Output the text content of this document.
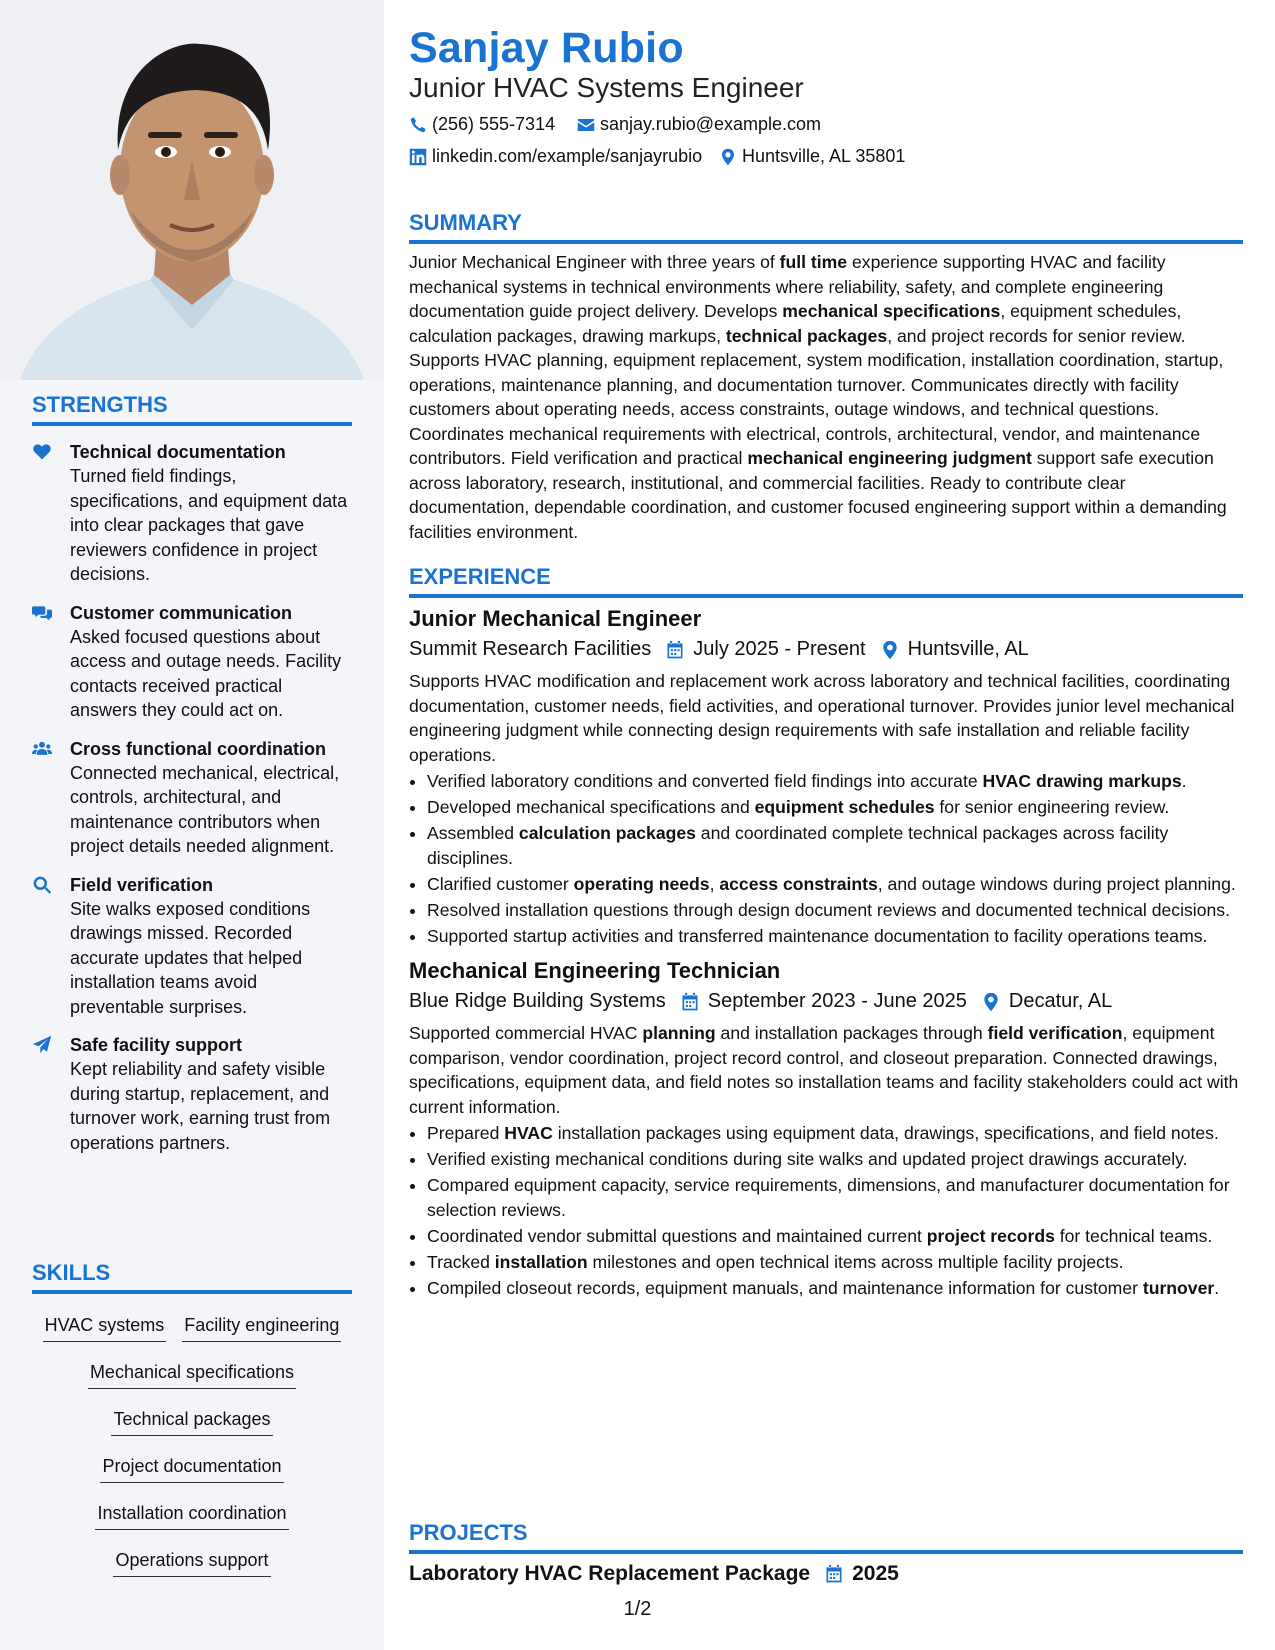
STRENGTHS
Technical documentation
Turned field findings, specifications, and equipment data into clear packages that gave reviewers confidence in project decisions.
Customer communication
Asked focused questions about access and outage needs. Facility contacts received practical answers they could act on.
Cross functional coordination
Connected mechanical, electrical, controls, architectural, and maintenance contributors when project details needed alignment.
Field verification
Site walks exposed conditions drawings missed. Recorded accurate updates that helped installation teams avoid preventable surprises.
Safe facility support
Kept reliability and safety visible during startup, replacement, and turnover work, earning trust from operations partners.
SKILLS
HVAC systems Facility engineering
Mechanical specifications
Technical packages
Project documentation
Installation coordination
Operations support
Sanjay Rubio
Junior HVAC Systems Engineer
(256) 555-7314 sanjay.rubio@example.com
linkedin.com/example/sanjayrubio Huntsville, AL 35801
SUMMARY
Junior Mechanical Engineer with three years of full time experience supporting HVAC and facility mechanical systems in technical environments where reliability, safety, and complete engineering documentation guide project delivery. Develops mechanical specifications, equipment schedules, calculation packages, drawing markups, technical packages, and project records for senior review. Supports HVAC planning, equipment replacement, system modification, installation coordination, startup, operations, maintenance planning, and documentation turnover. Communicates directly with facility customers about operating needs, access constraints, outage windows, and technical questions. Coordinates mechanical requirements with electrical, controls, architectural, vendor, and maintenance contributors. Field verification and practical mechanical engineering judgment support safe execution across laboratory, research, institutional, and commercial facilities. Ready to contribute clear documentation, dependable coordination, and customer focused engineering support within a demanding facilities environment.
EXPERIENCE
Junior Mechanical Engineer
Summit Research Facilities July 2025 - Present Huntsville, AL
Supports HVAC modification and replacement work across laboratory and technical facilities, coordinating documentation, customer needs, field activities, and operational turnover. Provides junior level mechanical engineering judgment while connecting design requirements with safe installation and reliable facility operations.
• Verified laboratory conditions and converted field findings into accurate HVAC drawing markups.
• Developed mechanical specifications and equipment schedules for senior engineering review.
• Assembled calculation packages and coordinated complete technical packages across facility disciplines.
• Clarified customer operating needs, access constraints, and outage windows during project planning.
• Resolved installation questions through design document reviews and documented technical decisions.
• Supported startup activities and transferred maintenance documentation to facility operations teams.
Mechanical Engineering Technician
Blue Ridge Building Systems September 2023 - June 2025 Decatur, AL
Supported commercial HVAC planning and installation packages through field verification, equipment comparison, vendor coordination, project record control, and closeout preparation. Connected drawings, specifications, equipment data, and field notes so installation teams and facility stakeholders could act with current information.
• Prepared HVAC installation packages using equipment data, drawings, specifications, and field notes.
• Verified existing mechanical conditions during site walks and updated project drawings accurately.
• Compared equipment capacity, service requirements, dimensions, and manufacturer documentation for selection reviews.
• Coordinated vendor submittal questions and maintained current project records for technical teams.
• Tracked installation milestones and open technical items across multiple facility projects.
• Compiled closeout records, equipment manuals, and maintenance information for customer turnover.
PROJECTS
Laboratory HVAC Replacement Package 2025
1/2
